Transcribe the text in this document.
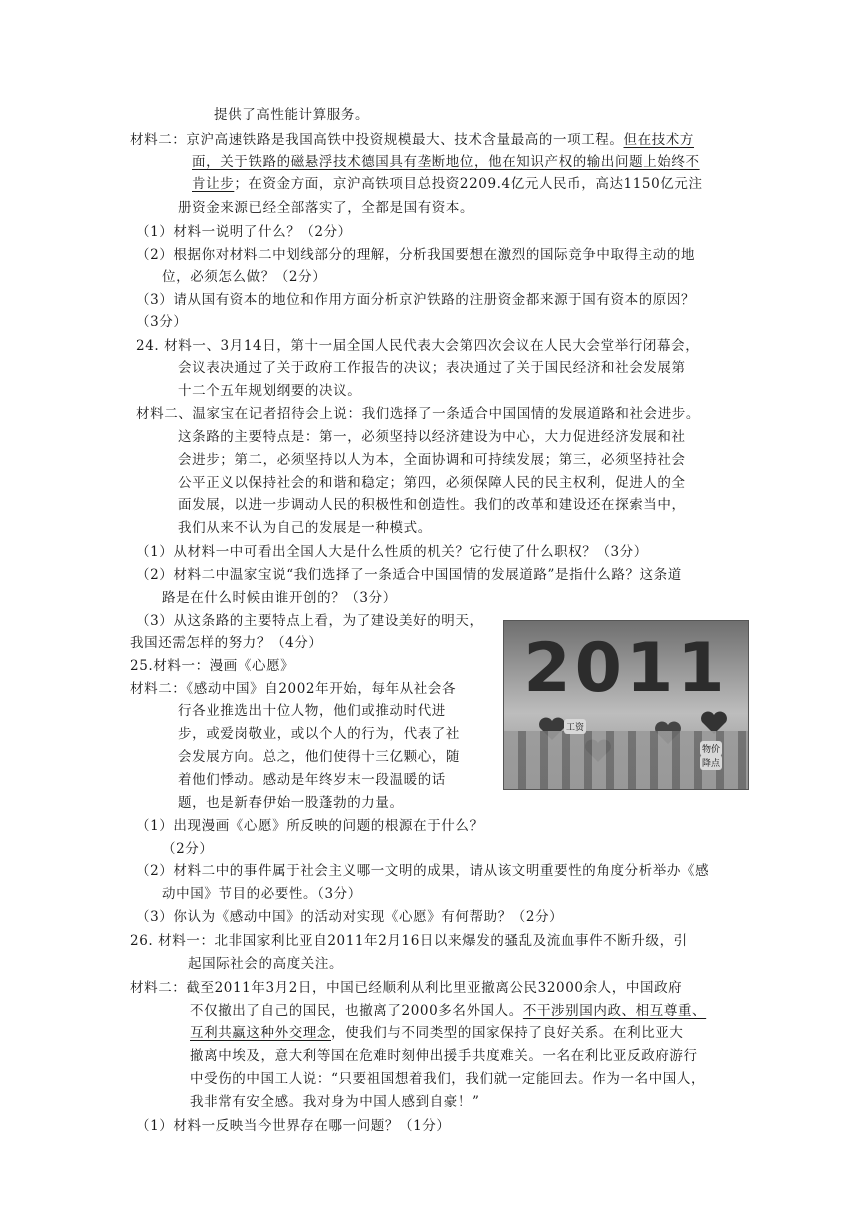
提供了高性能计算服务。
材料二：京沪高速铁路是我国高铁中投资规模最大、技术含量最高的一项工程。但在技术方
面，关于铁路的磁悬浮技术德国具有垄断地位，他在知识产权的输出问题上始终不
肯让步；在资金方面，京沪高铁项目总投资2209.4亿元人民币，高达1150亿元注
册资金来源已经全部落实了，全都是国有资本。
（1）材料一说明了什么？（2分）
（2）根据你对材料二中划线部分的理解，分析我国要想在激烈的国际竞争中取得主动的地
位，必须怎么做？（2分）
（3）请从国有资本的地位和作用方面分析京沪铁路的注册资金都来源于国有资本的原因？
（3分）
24. 材料一、3月14日，第十一届全国人民代表大会第四次会议在人民大会堂举行闭幕会，
会议表决通过了关于政府工作报告的决议；表决通过了关于国民经济和社会发展第
十二个五年规划纲要的决议。
材料二、温家宝在记者招待会上说：我们选择了一条适合中国国情的发展道路和社会进步。
这条路的主要特点是：第一，必须坚持以经济建设为中心，大力促进经济发展和社
会进步；第二，必须坚持以人为本，全面协调和可持续发展；第三，必须坚持社会
公平正义以保持社会的和谐和稳定；第四，必须保障人民的民主权利，促进人的全
面发展，以进一步调动人民的积极性和创造性。我们的改革和建设还在探索当中，
我们从来不认为自己的发展是一种模式。
（1）从材料一中可看出全国人大是什么性质的机关？它行使了什么职权？（3分）
（2）材料二中温家宝说“我们选择了一条适合中国国情的发展道路”是指什么路？这条道
路是在什么时候由谁开创的？（3分）
（3）从这条路的主要特点上看，为了建设美好的明天，
我国还需怎样的努力？（4分）
25.材料一：漫画《心愿》
材料二：《感动中国》自2002年开始，每年从社会各
行各业推选出十位人物，他们或推动时代进
步，或爱岗敬业，或以个人的行为，代表了社
会发展方向。总之，他们使得十三亿颗心，随
着他们悸动。感动是年终岁末一段温暖的话
题，也是新春伊始一股蓬勃的力量。
（1）出现漫画《心愿》所反映的问题的根源在于什么？
（2分）
（2）材料二中的事件属于社会主义哪一文明的成果，请从该文明重要性的角度分析举办《感
动中国》节目的必要性。（3分）
（3）你认为《感动中国》的活动对实现《心愿》有何帮助？（2分）
26. 材料一：北非国家利比亚自2011年2月16日以来爆发的骚乱及流血事件不断升级，引
起国际社会的高度关注。
材料二：截至2011年3月2日，中国已经顺利从利比里亚撤离公民32000余人，中国政府
不仅撤出了自己的国民，也撤离了2000多名外国人。不干涉别国内政、相互尊重、
互利共赢这种外交理念，使我们与不同类型的国家保持了良好关系。在利比亚大
撤离中埃及，意大利等国在危难时刻伸出援手共度难关。一名在利比亚反政府游行
中受伤的中国工人说：“只要祖国想着我们，我们就一定能回去。作为一名中国人，
我非常有安全感。我对身为中国人感到自豪！”
（1）材料一反映当今世界存在哪一问题？（1分）
2011
工资
物价
降点
